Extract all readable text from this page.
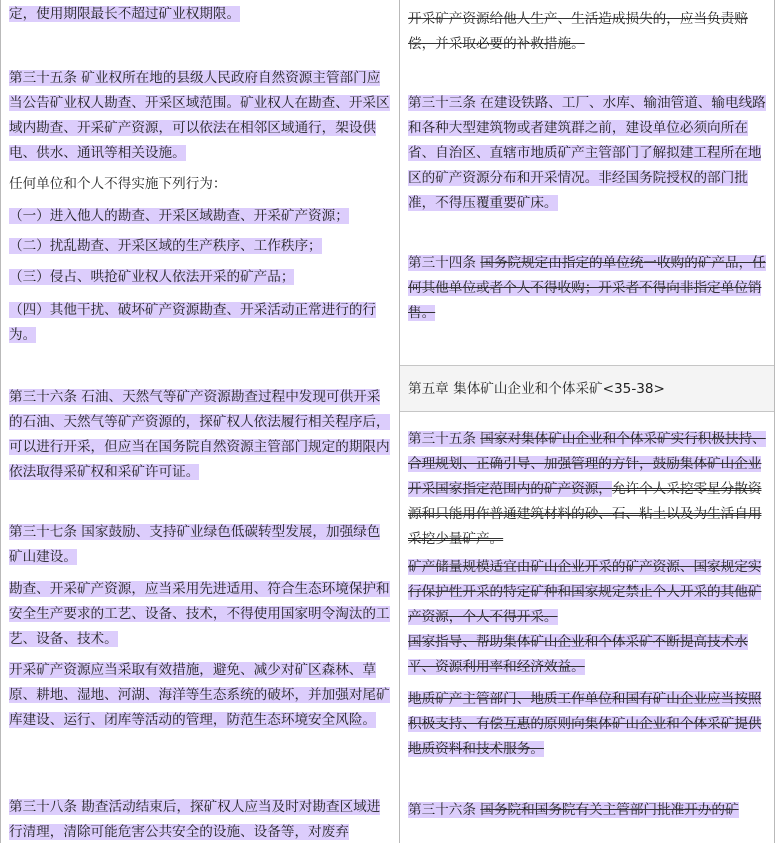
定，使用期限最长不超过矿业权期限。

第三十五条 矿业权所在地的县级人民政府自然资源主管部门应当公告矿业权人勘查、开采区域范围。矿业权人在勘查、开采区域内勘查、开采矿产资源，可以依法在相邻区域通行，架设供电、供水、通讯等相关设施。

任何单位和个人不得实施下列行为：

（一）进入他人的勘查、开采区域勘查、开采矿产资源；

（二）扰乱勘查、开采区域的生产秩序、工作秩序；

（三）侵占、哄抢矿业权人依法开采的矿产品；

（四）其他干扰、破坏矿产资源勘查、开采活动正常进行的行为。

第三十六条 石油、天然气等矿产资源勘查过程中发现可供开采的石油、天然气等矿产资源的，探矿权人依法履行相关程序后，可以进行开采，但应当在国务院自然资源主管部门规定的期限内依法取得采矿权和采矿许可证。

第三十七条 国家鼓励、支持矿业绿色低碳转型发展，加强绿色矿山建设。

勘查、开采矿产资源，应当采用先进适用、符合生态环境保护和安全生产要求的工艺、设备、技术，不得使用国家明令淘汰的工艺、设备、技术。

开采矿产资源应当采取有效措施，避免、减少对矿区森林、草原、耕地、湿地、河湖、海洋等生态系统的破坏，并加强对尾矿库建设、运行、闭库等活动的管理，防范生态环境安全风险。

第三十八条 勘查活动结束后，探矿权人应当及时对勘查区域进行清理，清除可能危害公共安全的设施、设备等，对废弃

开采矿产资源给他人生产、生活造成损失的，应当负责赔偿，并采取必要的补救措施。

第三十三条 在建设铁路、工厂、水库、输油管道、输电线路和各种大型建筑物或者建筑群之前，建设单位必须向所在省、自治区、直辖市地质矿产主管部门了解拟建工程所在地区的矿产资源分布和开采情况。非经国务院授权的部门批准，不得压覆重要矿床。

第三十四条 国务院规定由指定的单位统一收购的矿产品，任何其他单位或者个人不得收购；开采者不得向非指定单位销售。

第五章 集体矿山企业和个体采矿<35-38>

第三十五条 国家对集体矿山企业和个体采矿实行积极扶持、合理规划、正确引导、加强管理的方针，鼓励集体矿山企业开采国家指定范围内的矿产资源，允许个人采挖零星分散资源和只能用作普通建筑材料的砂、石、粘土以及为生活自用采挖少量矿产。

矿产储量规模适宜由矿山企业开采的矿产资源、国家规定实行保护性开采的特定矿种和国家规定禁止个人开采的其他矿产资源，个人不得开采。

国家指导、帮助集体矿山企业和个体采矿不断提高技术水平、资源利用率和经济效益。

地质矿产主管部门、地质工作单位和国有矿山企业应当按照积极支持、有偿互惠的原则向集体矿山企业和个体采矿提供地质资料和技术服务。

第三十六条 国务院和国务院有关主管部门批准开办的矿
